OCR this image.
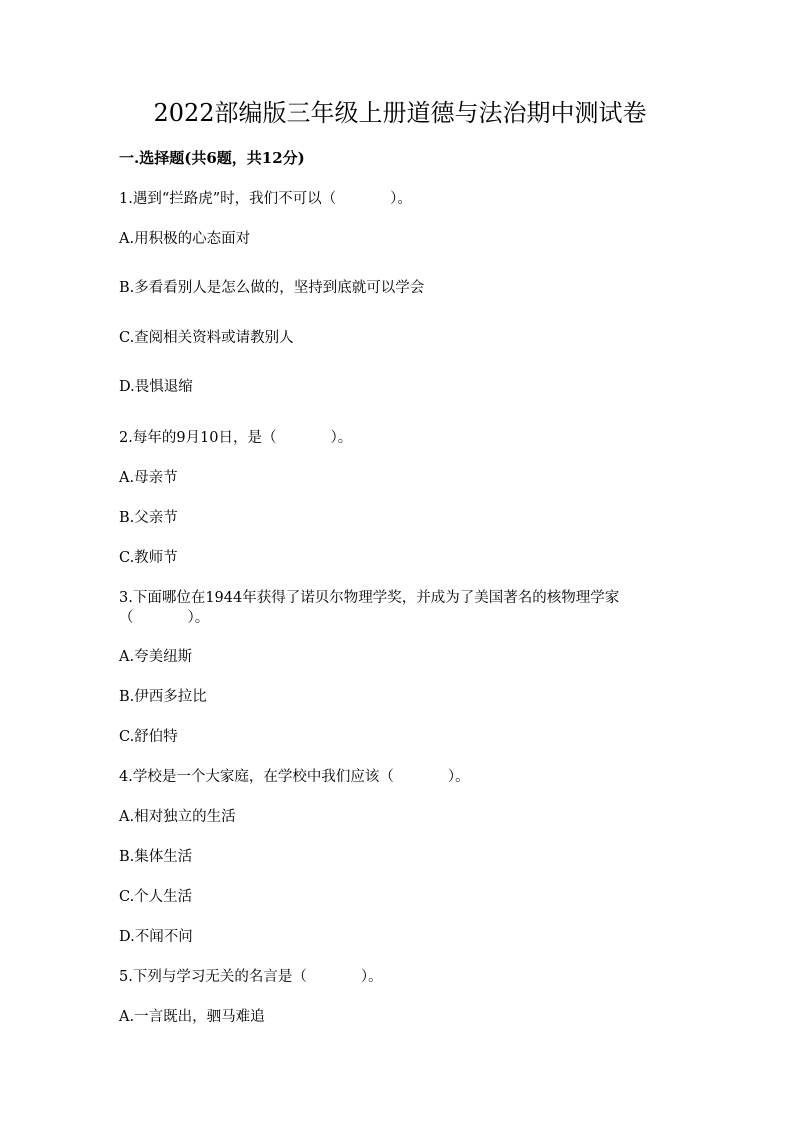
2022部编版三年级上册道德与法治期中测试卷
一.选择题(共6题，共12分)
1.遇到“拦路虎”时，我们不可以（	）。
A.用积极的心态面对
B.多看看别人是怎么做的，坚持到底就可以学会
C.查阅相关资料或请教别人
D.畏惧退缩
2.每年的9月10日，是（	）。
A.母亲节
B.父亲节
C.教师节
3.下面哪位在1944年获得了诺贝尔物理学奖，并成为了美国著名的核物理学家
（	）。
A.夸美纽斯
B.伊西多拉比
C.舒伯特
4.学校是一个大家庭，在学校中我们应该（	）。
A.相对独立的生活
B.集体生活
C.个人生活
D.不闻不问
5.下列与学习无关的名言是（	）。
A.一言既出，驷马难追
